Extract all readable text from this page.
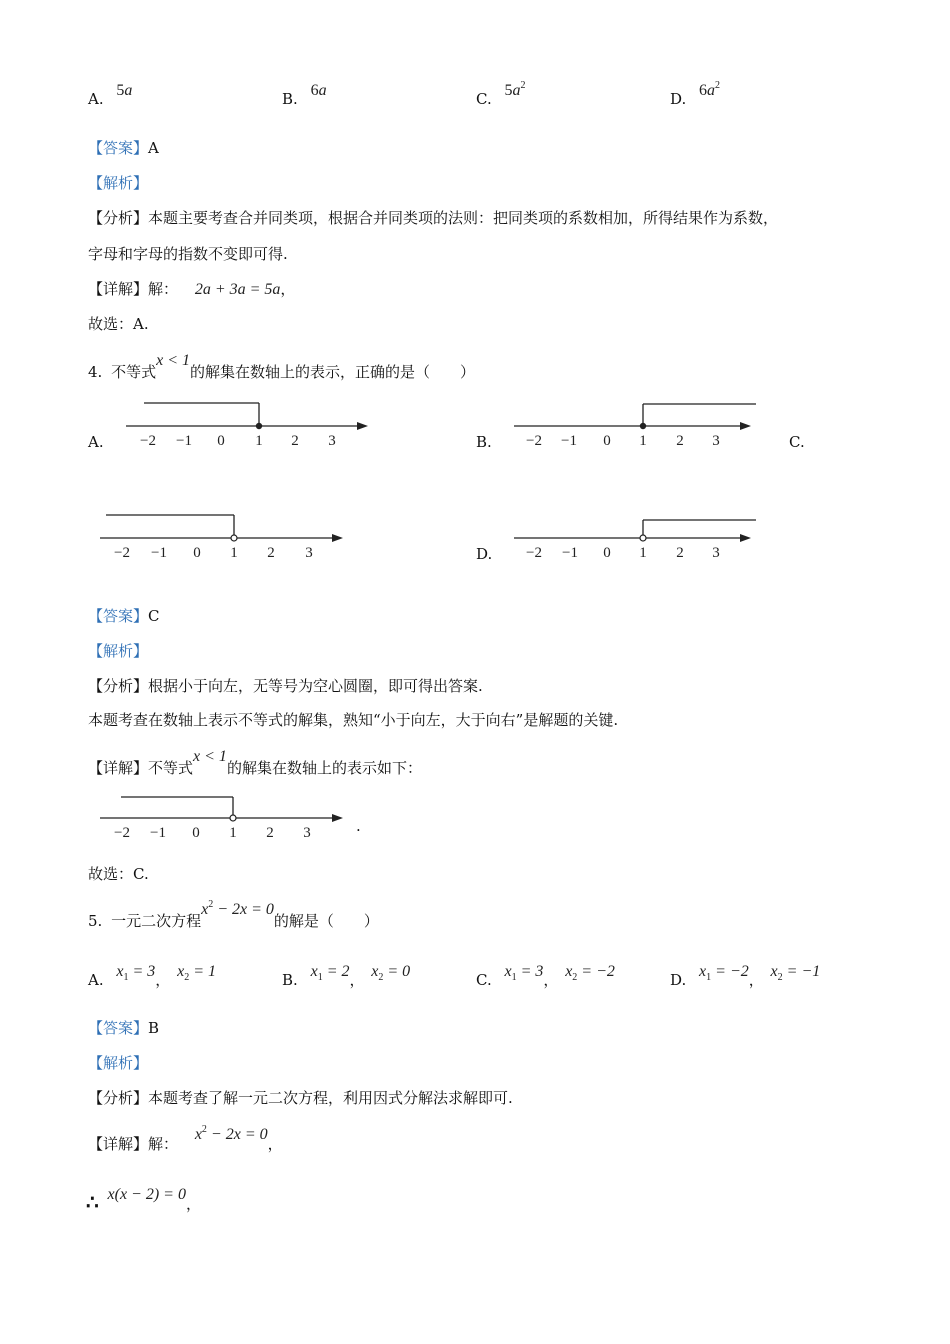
A. 5a	B. 6a	C. $5a^2$
D. $6a^2$
【答案】A
【解析】
【分析】本题主要考查合并同类项，根据合并同类项的法则：把同类项的系数相加，所得结果作为系数，
字母和字母的指数不变即可得.
【详解】解： 2a + 3a = 5a，
故选：A.
4. 不等式x < 1的解集在数轴上的表示，正确的是（　　）
A. −2 −1 0 1 2 3	B. −2 −1 0 1 2 3	C.
−2 −1 0 1 2 3	D. −2 −1 0 1 2 3
【答案】C
【解析】
【分析】根据小于向左，无等号为空心圆圈，即可得出答案.
本题考查在数轴上表示不等式的解集，熟知“小于向左，大于向右”是解题的关键.
【详解】不等式x < 1的解集在数轴上的表示如下：
−2 −1 0 1 2 3	.
故选：C.
5. 一元二次方程$x^2 - 2x = 0$的解是（　　）
A. $x_1 = 3$， $x_2 = 1$	B. $x_1 = 2$， $x_2 = 0$	C. $x_1 = 3$， $x_2 = -2$	D. $x_1 = -2$， $x_2 = -1$
【答案】B
【解析】
【分析】本题考查了解一元二次方程，利用因式分解法求解即可.
【详解】解： $x^2 - 2x = 0$，
∴ x(x − 2) = 0，
